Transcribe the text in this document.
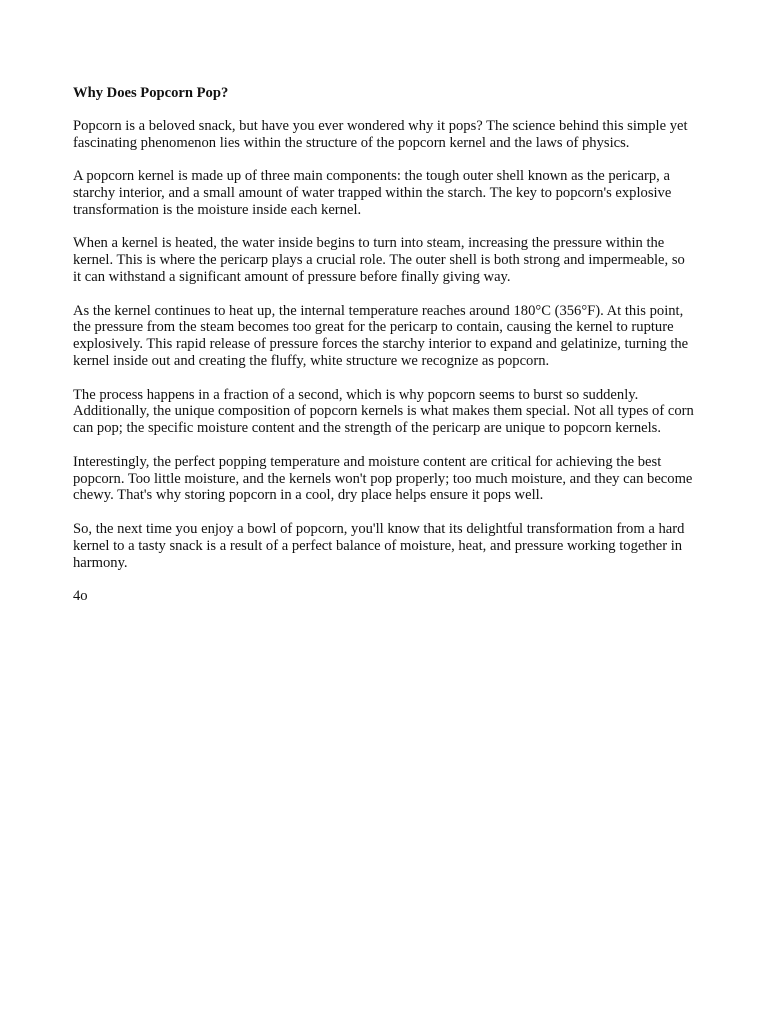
Why Does Popcorn Pop?

Popcorn is a beloved snack, but have you ever wondered why it pops? The science behind this simple yet fascinating phenomenon lies within the structure of the popcorn kernel and the laws of physics.

A popcorn kernel is made up of three main components: the tough outer shell known as the pericarp, a starchy interior, and a small amount of water trapped within the starch. The key to popcorn's explosive transformation is the moisture inside each kernel.

When a kernel is heated, the water inside begins to turn into steam, increasing the pressure within the kernel. This is where the pericarp plays a crucial role. The outer shell is both strong and impermeable, so it can withstand a significant amount of pressure before finally giving way.

As the kernel continues to heat up, the internal temperature reaches around 180°C (356°F). At this point, the pressure from the steam becomes too great for the pericarp to contain, causing the kernel to rupture explosively. This rapid release of pressure forces the starchy interior to expand and gelatinize, turning the kernel inside out and creating the fluffy, white structure we recognize as popcorn.

The process happens in a fraction of a second, which is why popcorn seems to burst so suddenly. Additionally, the unique composition of popcorn kernels is what makes them special. Not all types of corn can pop; the specific moisture content and the strength of the pericarp are unique to popcorn kernels.

Interestingly, the perfect popping temperature and moisture content are critical for achieving the best popcorn. Too little moisture, and the kernels won't pop properly; too much moisture, and they can become chewy. That's why storing popcorn in a cool, dry place helps ensure it pops well.

So, the next time you enjoy a bowl of popcorn, you'll know that its delightful transformation from a hard kernel to a tasty snack is a result of a perfect balance of moisture, heat, and pressure working together in harmony.

4o
